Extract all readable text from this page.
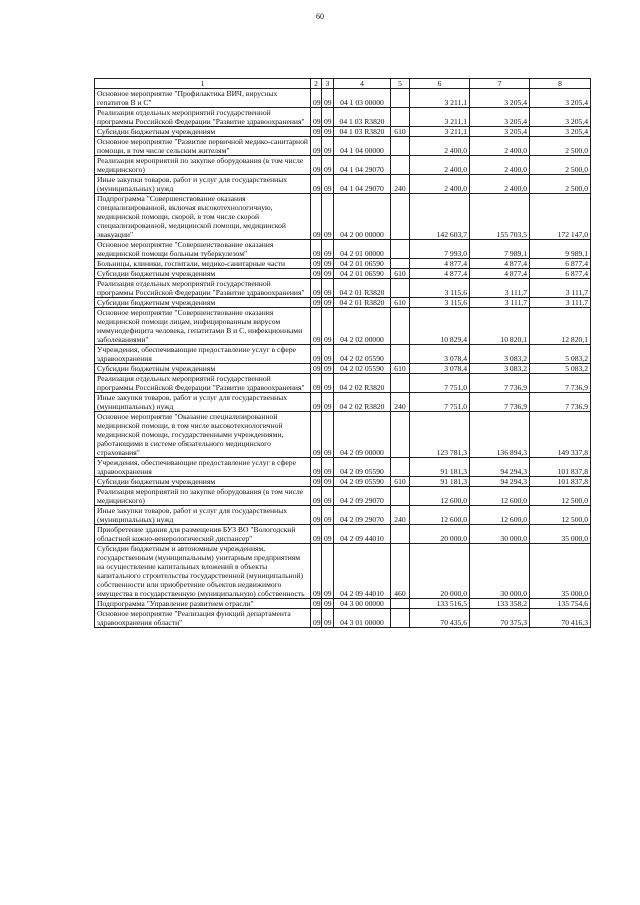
60
1	2	3	4	5	6	7	8
Основное мероприятие "Профилактика ВИЧ, вирусных гепатитов В и С"	09	09	04 1 03 00000		3 211,1	3 205,4	3 205,4
Реализация отдельных мероприятий государственной программы Российской Федерации "Развитие здравоохранения"	09	09	04 1 03 R3820		3 211,1	3 205,4	3 205,4
Субсидии бюджетным учреждениям	09	09	04 1 03 R3820	610	3 211,1	3 205,4	3 205,4
Основное мероприятие "Развитие первичной медико-санитарной помощи, в том числе сельским жителям"	09	09	04 1 04 00000		2 400,0	2 400,0	2 500,0
Реализация мероприятий по закупке оборудования (в том числе медицинского)	09	09	04 1 04 29070		2 400,0	2 400,0	2 500,0
Иные закупки товаров, работ и услуг для государственных (муниципальных) нужд	09	09	04 1 04 29070	240	2 400,0	2 400,0	2 500,0
Подпрограмма "Совершенствование оказания специализированной, включая высокотехнологичную, медицинской помощи, скорой, в том числе скорой специализированной, медицинской помощи, медицинской эвакуации"	09	09	04 2 00 00000		142 603,7	155 703,5	172 147,0
Основное мероприятие "Совершенствование оказания медицинской помощи больным туберкулезом"	09	09	04 2 01 00000		7 993,0	7 989,1	9 989,1
Больницы, клиники, госпитали, медико-санитарные части	09	09	04 2 01 06590		4 877,4	4 877,4	6 877,4
Субсидии бюджетным учреждениям	09	09	04 2 01 06590	610	4 877,4	4 877,4	6 877,4
Реализация отдельных мероприятий государственной программы Российской Федерации "Развитие здравоохранения"	09	09	04 2 01 R3820		3 115,6	3 111,7	3 111,7
Субсидии бюджетным учреждениям	09	09	04 2 01 R3820	610	3 115,6	3 111,7	3 111,7
Основное мероприятие "Совершенствование оказания медицинской помощи лицам, инфицированным вирусом иммунодефицита человека, гепатитами В и С, инфекционными заболеваниями"	09	09	04 2 02 00000		10 829,4	10 820,1	12 820,1
Учреждения, обеспечивающие предоставление услуг в сфере здравоохранения	09	09	04 2 02 05590		3 078,4	3 083,2	5 083,2
Субсидии бюджетным учреждениям	09	09	04 2 02 05590	610	3 078,4	3 083,2	5 083,2
Реализация отдельных мероприятий государственной программы Российской Федерации "Развитие здравоохранения"	09	09	04 2 02 R3820		7 751,0	7 736,9	7 736,9
Иные закупки товаров, работ и услуг для государственных (муниципальных) нужд	09	09	04 2 02 R3820	240	7 751,0	7 736,9	7 736,9
Основное мероприятие "Оказание специализированной медицинской помощи, в том числе высокотехнологичной медицинской помощи, государственными учреждениями, работающими в системе обязательного медицинского страхования"	09	09	04 2 09 00000		123 781,3	136 894,3	149 337,8
Учреждения, обеспечивающие предоставление услуг в сфере здравоохранения	09	09	04 2 09 05590		91 181,3	94 294,3	101 837,8
Субсидии бюджетным учреждениям	09	09	04 2 09 05590	610	91 181,3	94 294,3	101 837,8
Реализация мероприятий по закупке оборудования (в том числе медицинского)	09	09	04 2 09 29070		12 600,0	12 600,0	12 500,0
Иные закупки товаров, работ и услуг для государственных (муниципальных) нужд	09	09	04 2 09 29070	240	12 600,0	12 600,0	12 500,0
Приобретение здания для размещения БУЗ ВО "Вологодский областной кожно-венерологический диспансер"	09	09	04 2 09 44010		20 000,0	30 000,0	35 000,0
Субсидии бюджетным и автономным учреждениям, государственным (муниципальным) унитарным предприятиям на осуществление капитальных вложений в объекты капитального строительства государственной (муниципальной) собственности или приобретение объектов недвижимого имущества в государственную (муниципальную) собственность	09	09	04 2 09 44010	460	20 000,0	30 000,0	35 000,0
Подпрограмма "Управление развитием отрасли"	09	09	04 3 00 00000		133 516,5	133 358,2	135 754,6
Основное мероприятие "Реализация функций департамента здравоохранения области"	09	09	04 3 01 00000		70 435,6	70 375,3	70 416,3
